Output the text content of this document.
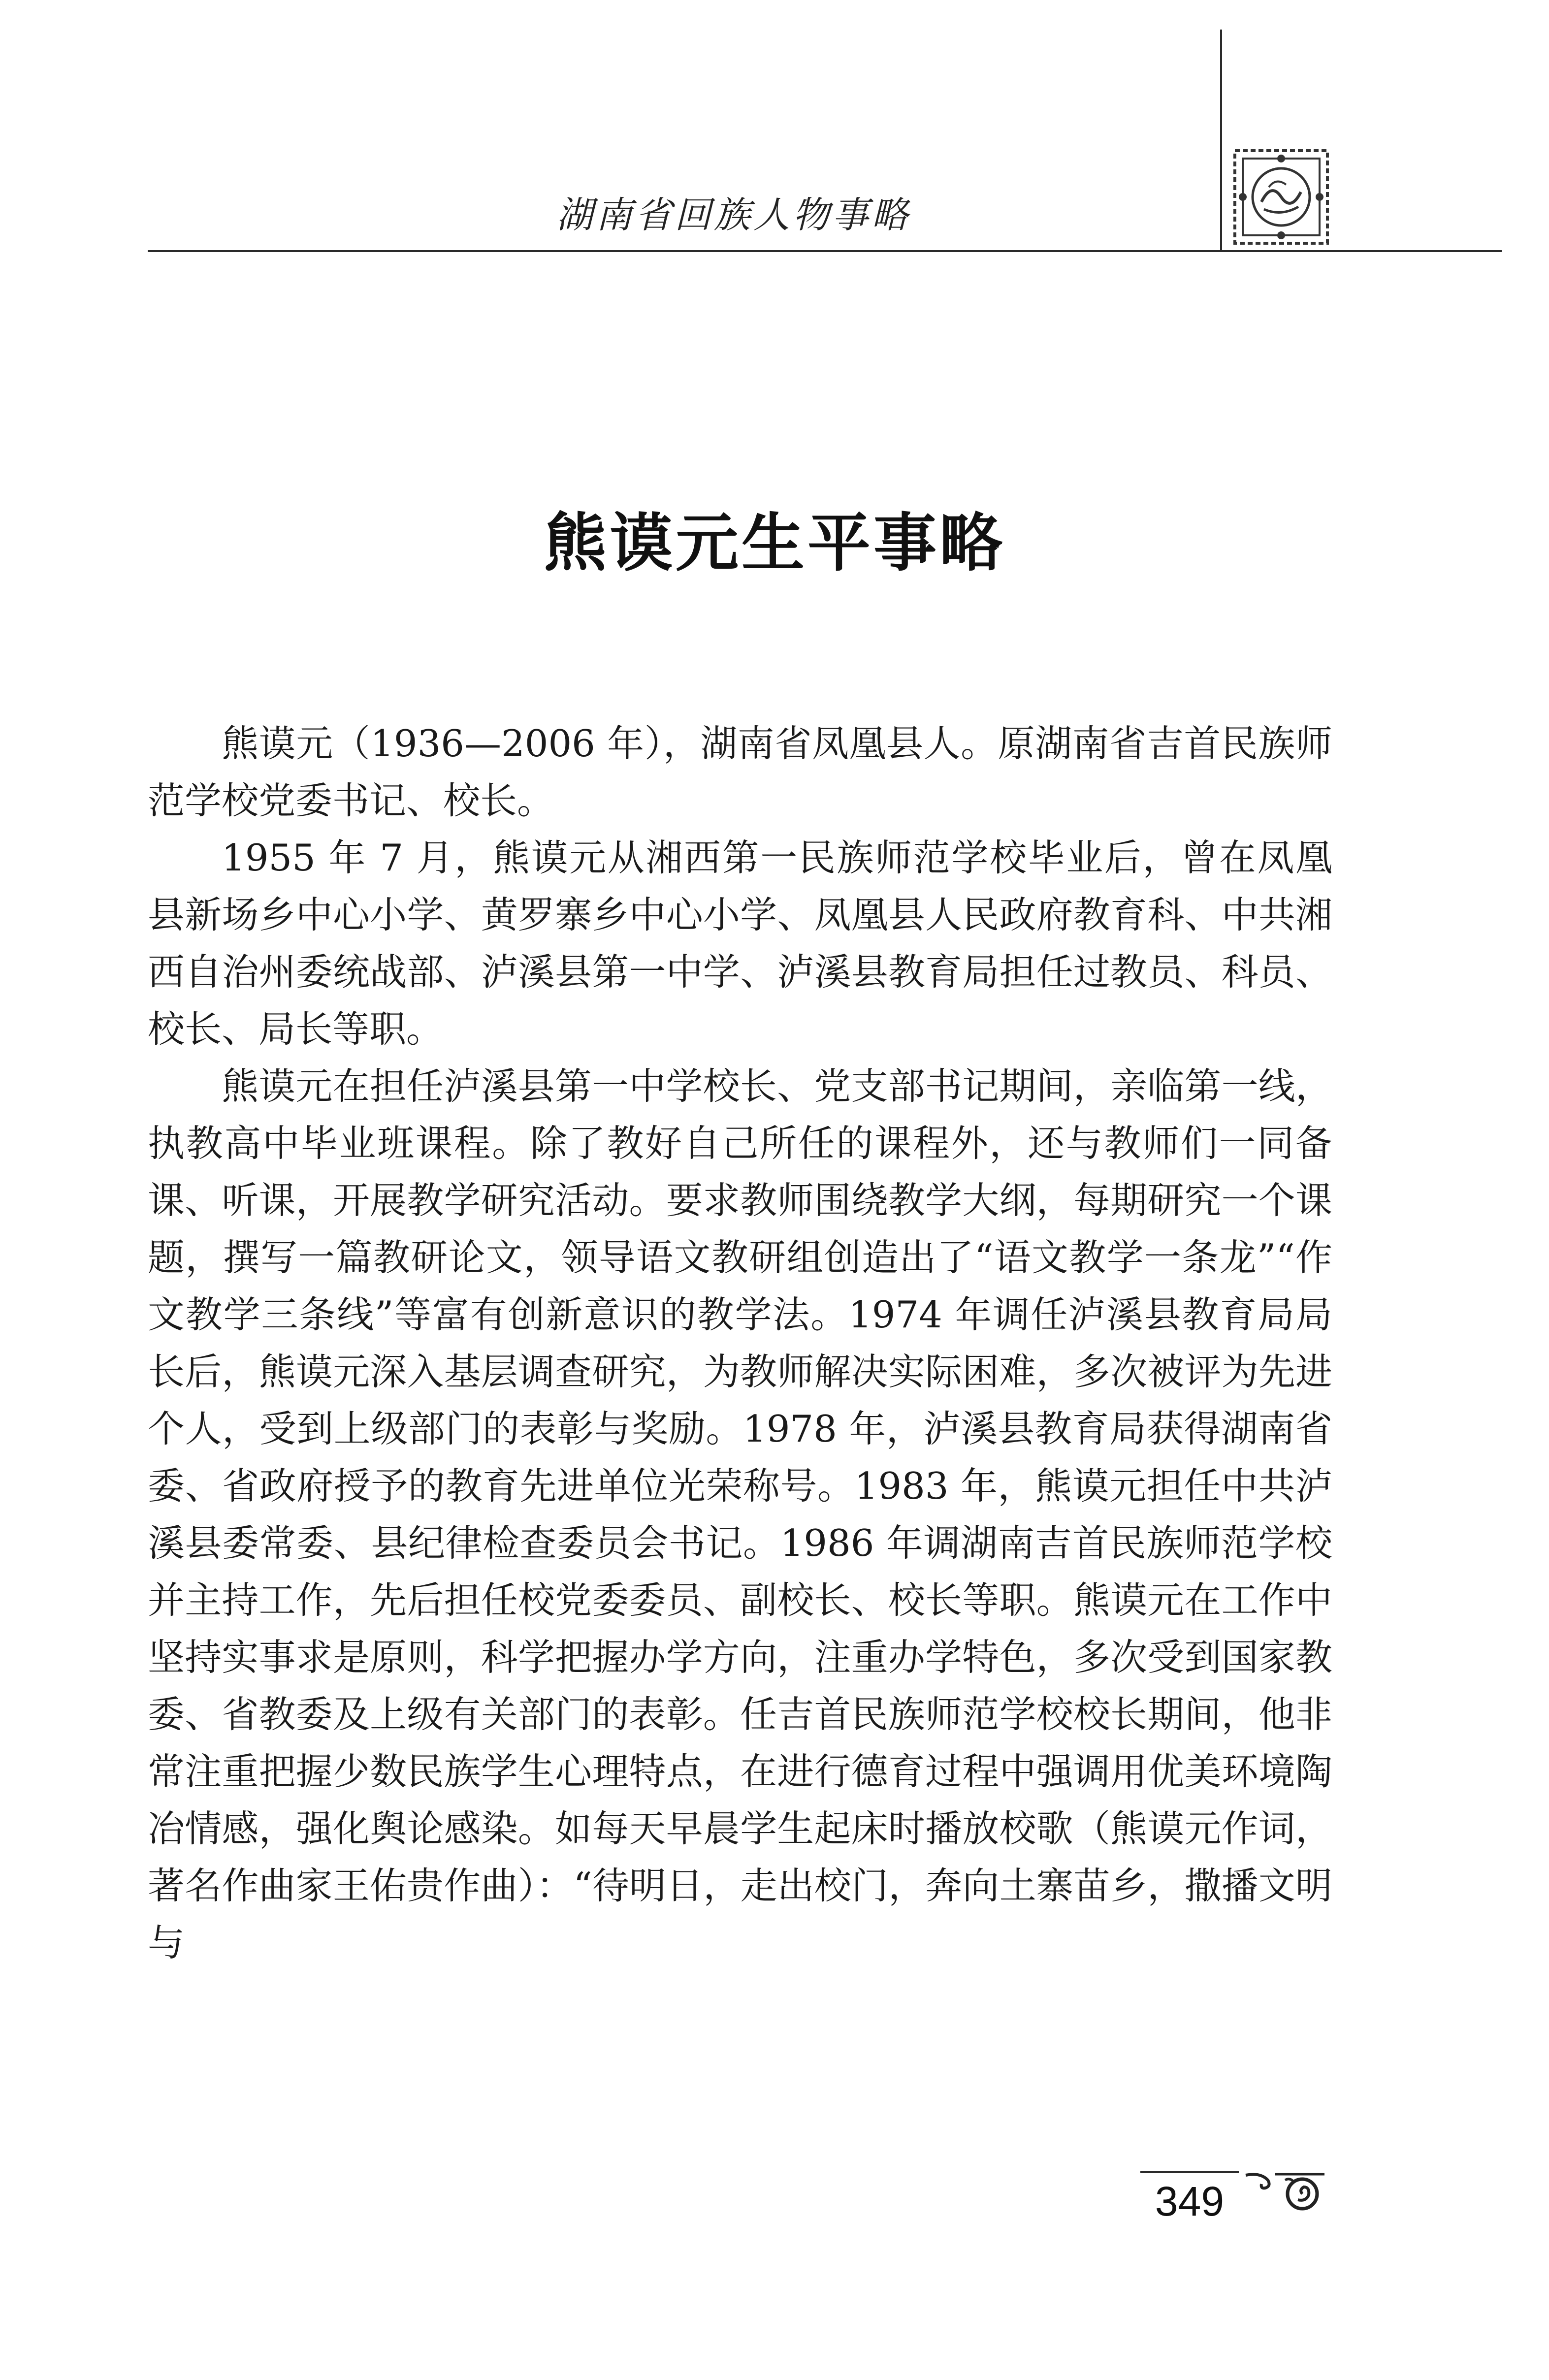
湖南省回族人物事略
熊谟元生平事略

熊谟元（1936—2006 年），湖南省凤凰县人。原湖南省吉首民族师范学校党委书记、校长。

1955 年 7 月，熊谟元从湘西第一民族师范学校毕业后，曾在凤凰县新场乡中心小学、黄罗寨乡中心小学、凤凰县人民政府教育科、中共湘西自治州委统战部、泸溪县第一中学、泸溪县教育局担任过教员、科员、校长、局长等职。

熊谟元在担任泸溪县第一中学校长、党支部书记期间，亲临第一线，执教高中毕业班课程。除了教好自己所任的课程外，还与教师们一同备课、听课，开展教学研究活动。要求教师围绕教学大纲，每期研究一个课题，撰写一篇教研论文，领导语文教研组创造出了“语文教学一条龙”“作文教学三条线”等富有创新意识的教学法。1974 年调任泸溪县教育局局长后，熊谟元深入基层调查研究，为教师解决实际困难，多次被评为先进个人，受到上级部门的表彰与奖励。1978 年，泸溪县教育局获得湖南省委、省政府授予的教育先进单位光荣称号。1983 年，熊谟元担任中共泸溪县委常委、县纪律检查委员会书记。1986 年调湖南吉首民族师范学校并主持工作，先后担任校党委委员、副校长、校长等职。熊谟元在工作中坚持实事求是原则，科学把握办学方向，注重办学特色，多次受到国家教委、省教委及上级有关部门的表彰。任吉首民族师范学校校长期间，他非常注重把握少数民族学生心理特点，在进行德育过程中强调用优美环境陶冶情感，强化舆论感染。如每天早晨学生起床时播放校歌（熊谟元作词，著名作曲家王佑贵作曲）：“待明日，走出校门，奔向土寨苗乡，撒播文明与

349
